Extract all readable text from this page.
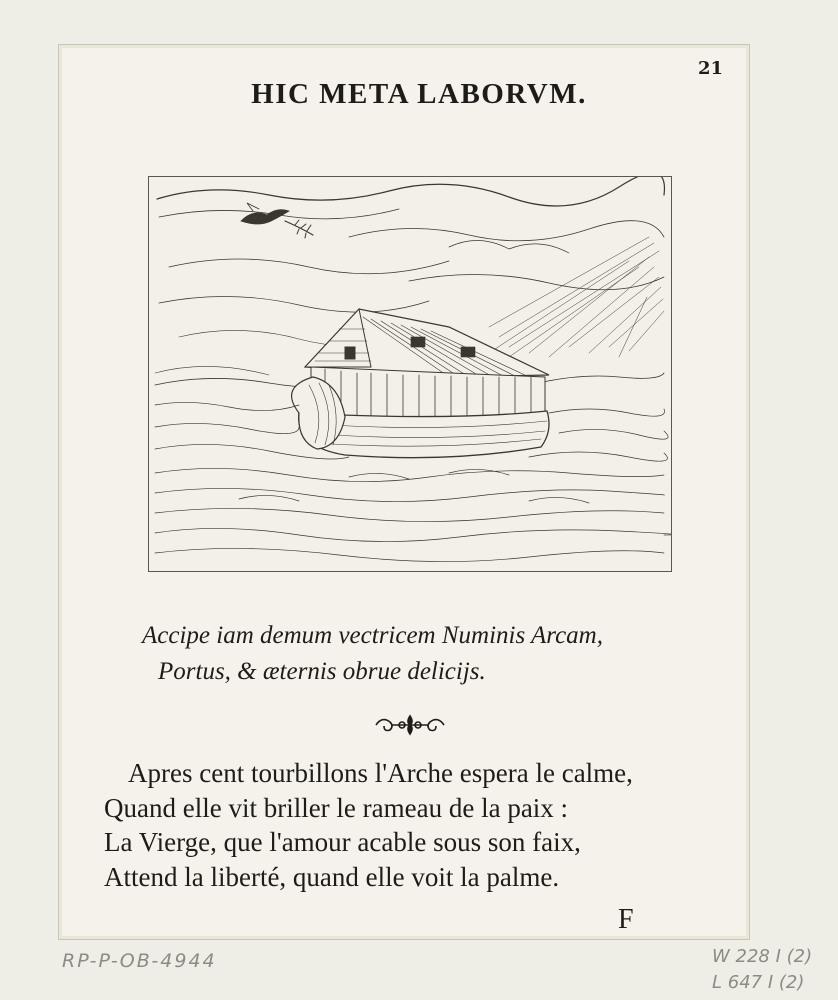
21
HIC META LABORVM.
Accipe iam demum vectricem Numinis Arcam,
Portus, & æternis obrue delicijs.
Apres cent tourbillons l'Arche espera le calme,
Quand elle vit briller le rameau de la paix :
La Vierge, que l'amour acable sous son faix,
Attend la liberté, quand elle voit la palme.
F
RP-P-OB-4944	W 228 I (2)
L 647 I (2)
